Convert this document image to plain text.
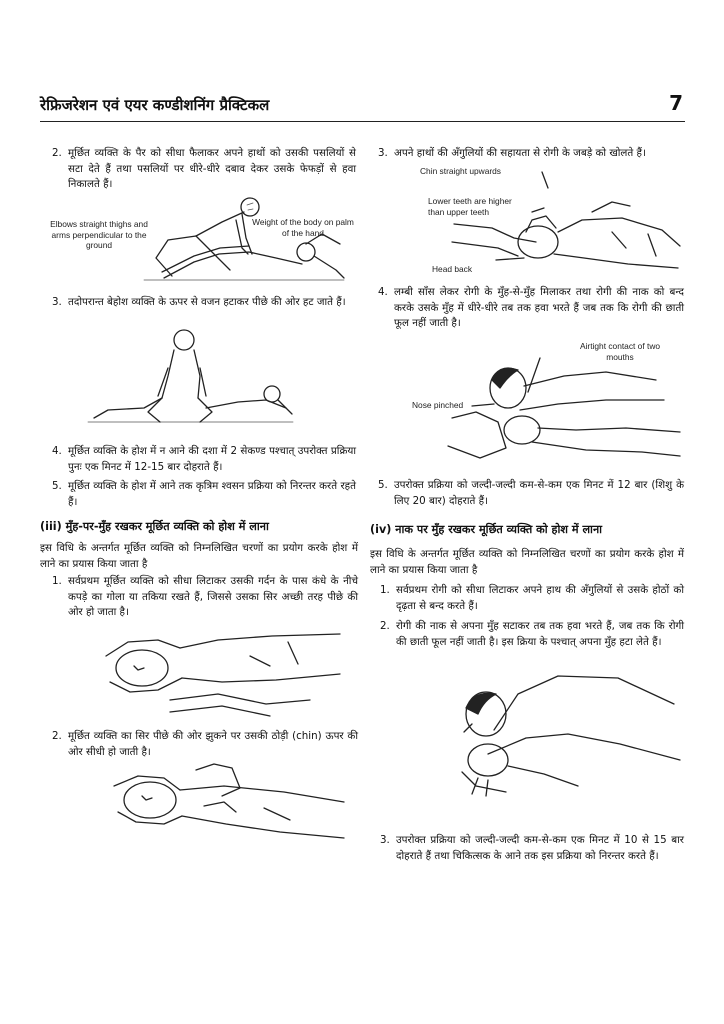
रेफ्रिजरेशन एवं एयर कण्डीशनिंग प्रैक्टिकल	7
2. मूर्छित व्यक्ति के पैर को सीधा फैलाकर अपने हाथों को उसकी पसलियों से सटा देते हैं तथा पसलियों पर धीरे-धीरे दबाव देकर उसके फेफड़ों से हवा निकालते हैं।
Elbows straight thighs and arms perpendicular to the ground
Weight of the body on palm of the hand
3. तदोपरान्त बेहोश व्यक्ति के ऊपर से वजन हटाकर पीछे की ओर हट जाते हैं।
4. मूर्छित व्यक्ति के होश में न आने की दशा में 2 सेकण्ड पश्चात् उपरोक्त प्रक्रिया पुनः एक मिनट में 12-15 बार दोहराते हैं।
5. मूर्छित व्यक्ति के होश में आने तक कृत्रिम श्वसन प्रक्रिया को निरन्तर करते रहते हैं।
(iii) मुँह-पर-मुँह रखकर मूर्छित व्यक्ति को होश में लाना
इस विधि के अन्तर्गत मूर्छित व्यक्ति को निम्नलिखित चरणों का प्रयोग करके होश में लाने का प्रयास किया जाता है
1. सर्वप्रथम मूर्छित व्यक्ति को सीधा लिटाकर उसकी गर्दन के पास कंधे के नीचे कपड़े का गोला या तकिया रखते हैं, जिससे उसका सिर अच्छी तरह पीछे की ओर हो जाता है।
2. मूर्छित व्यक्ति का सिर पीछे की ओर झुकने पर उसकी ठोड़ी (chin) ऊपर की ओर सीधी हो जाती है।
3. अपने हाथों की अँगुलियों की सहायता से रोगी के जबड़े को खोलते हैं।
Chin straight upwards
Lower teeth are higher than upper teeth
Head back
4. लम्बी साँस लेकर रोगी के मुँह-से-मुँह मिलाकर तथा रोगी की नाक को बन्द करके उसके मुँह में धीरे-धीरे तब तक हवा भरते हैं जब तक कि रोगी की छाती फूल नहीं जाती है।
Airtight contact of two mouths
Nose pinched
5. उपरोक्त प्रक्रिया को जल्दी-जल्दी कम-से-कम एक मिनट में 12 बार (शिशु के लिए 20 बार) दोहराते हैं।
(iv) नाक पर मुँह रखकर मूर्छित व्यक्ति को होश में लाना
इस विधि के अन्तर्गत मूर्छित व्यक्ति को निम्नलिखित चरणों का प्रयोग करके होश में लाने का प्रयास किया जाता है
1. सर्वप्रथम रोगी को सीधा लिटाकर अपने हाथ की अँगुलियों से उसके होठों को दृढ़ता से बन्द करते हैं।
2. रोगी की नाक से अपना मुँह सटाकर तब तक हवा भरते हैं, जब तक कि रोगी की छाती फूल नहीं जाती है। इस क्रिया के पश्चात् अपना मुँह हटा लेते हैं।
3. उपरोक्त प्रक्रिया को जल्दी-जल्दी कम-से-कम एक मिनट में 10 से 15 बार दोहराते हैं तथा चिकित्सक के आने तक इस प्रक्रिया को निरन्तर करते हैं।
